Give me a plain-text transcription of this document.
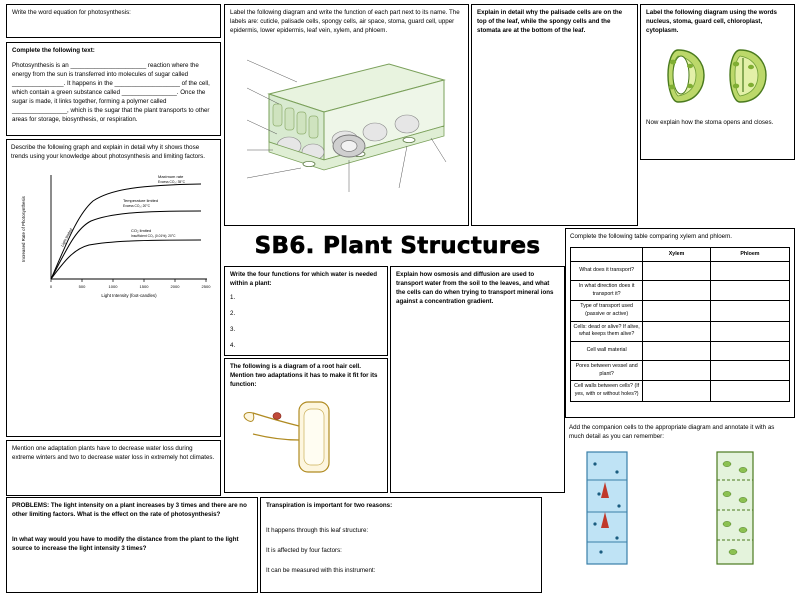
Write the word equation for photosynthesis:

Complete the following text:

Photosynthesis is an ______________________ reaction where the energy from the sun is transferred into molecules of sugar called _______________. It happens in the ___________________ of the cell, which contain a green substance called ________________. Once the sugar is made, it links together, forming a polymer called ________________, which is the sugar that the plant transports to other areas for storage, biosynthesis, or respiration.

Describe the following graph and explain in detail why it shows those trends using your knowledge about photosynthesis and limiting factors.

0	500	1000	1500	2000	2500
Light Intensity (foot-candles)
Increased Rate of Photosynthesis
Maximum rate
Excess CO₂; 35°C
Temperature limited
Excess CO₂; 20°C
CO₂ limited
Insufficient CO₂ (0.01%); 20°C
Light limited

Mention one adaptation plants have to decrease water loss during extreme winters and two to decrease water loss in extremely hot climates.

PROBLEMS: The light intensity on a plant increases by 3 times and there are no other limiting factors. What is the effect on the rate of photosynthesis?

In what way would you have to modify the distance from the plant to the light source to increase the light intensity 3 times?

Transpiration is important for two reasons:

It happens through this leaf structure:

It is affected by four factors:

It can be measured with this instrument:

Label the following diagram and write the function of each part next to its name. The labels are: cuticle, palisade cells, spongy cells, air space, stoma, guard cell, upper epidermis, lower epidermis, leaf vein, xylem, and phloem.

SB6. Plant Structures

Write the four functions for which water is needed within a plant:

1.
2.
3.
4.

The following is a diagram of a root hair cell. Mention two adaptations it has to make it fit for its function:

Explain how osmosis and diffusion are used to transport water from the soil to the leaves, and what the cells can do when trying to transport mineral ions against a concentration gradient.

Explain in detail why the palisade cells are on the top of the leaf, while the spongy cells and the stomata are at the bottom of the leaf.

Label the following diagram using the words nucleus, stoma, guard cell, chloroplast, cytoplasm.

Now explain how the stoma opens and closes.

Complete the following table comparing xylem and phloem.

	Xylem	Phloem
What does it transport?		
In what direction does it transport it?		
Type of transport used (passive or active)		
Cells: dead or alive? If alive, what keeps them alive?		
Cell wall material		
Pores between vessel and plant?		
Cell walls between cells? (If yes, with or without holes?)		

Add the companion cells to the appropriate diagram and annotate it with as much detail as you can remember:
